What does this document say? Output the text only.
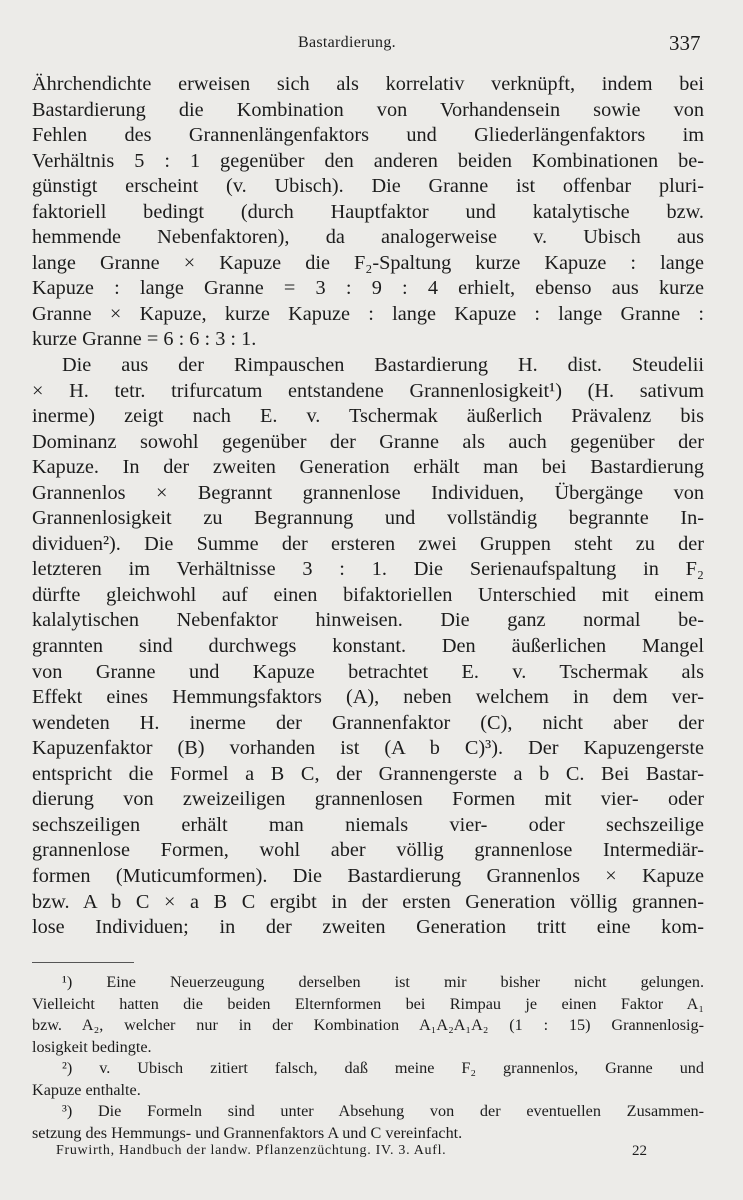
Bastardierung.	337
Ährchendichte erweisen sich als korrelativ verknüpft, indem bei
Bastardierung die Kombination von Vorhandensein sowie von
Fehlen des Grannenlängenfaktors und Gliederlängenfaktors im
Verhältnis 5 : 1 gegenüber den anderen beiden Kombinationen be-
günstigt erscheint (v. Ubisch). Die Granne ist offenbar pluri-
faktoriell bedingt (durch Hauptfaktor und katalytische bzw.
hemmende Nebenfaktoren), da analogerweise v. Ubisch aus
lange Granne × Kapuze die F₂-Spaltung kurze Kapuze : lange
Kapuze : lange Granne = 3 : 9 : 4 erhielt, ebenso aus kurze
Granne × Kapuze, kurze Kapuze : lange Kapuze : lange Granne :
kurze Granne = 6 : 6 : 3 : 1.
Die aus der Rimpauschen Bastardierung H. dist. Steudelii
× H. tetr. trifurcatum entstandene Grannenlosigkeit¹) (H. sativum
inerme) zeigt nach E. v. Tschermak äußerlich Prävalenz bis
Dominanz sowohl gegenüber der Granne als auch gegenüber der
Kapuze. In der zweiten Generation erhält man bei Bastardierung
Grannenlos × Begrannt grannenlose Individuen, Übergänge von
Grannenlosigkeit zu Begrannung und vollständig begrannte In-
dividuen²). Die Summe der ersteren zwei Gruppen steht zu der
letzteren im Verhältnisse 3 : 1. Die Serienaufspaltung in F₂
dürfte gleichwohl auf einen bifaktoriellen Unterschied mit einem
kalalytischen Nebenfaktor hinweisen. Die ganz normal be-
grannten sind durchwegs konstant. Den äußerlichen Mangel
von Granne und Kapuze betrachtet E. v. Tschermak als
Effekt eines Hemmungsfaktors (A), neben welchem in dem ver-
wendeten H. inerme der Grannenfaktor (C), nicht aber der
Kapuzenfaktor (B) vorhanden ist (A b C)³). Der Kapuzengerste
entspricht die Formel a B C, der Grannengerste a b C. Bei Bastar-
dierung von zweizeiligen grannenlosen Formen mit vier- oder
sechszeiligen erhält man niemals vier- oder sechszeilige
grannenlose Formen, wohl aber völlig grannenlose Intermediär-
formen (Muticumformen). Die Bastardierung Grannenlos × Kapuze
bzw. A b C × a B C ergibt in der ersten Generation völlig grannen-
lose Individuen; in der zweiten Generation tritt eine kom-
¹) Eine Neuerzeugung derselben ist mir bisher nicht gelungen.
Vielleicht hatten die beiden Elternformen bei Rimpau je einen Faktor A₁
bzw. A₂, welcher nur in der Kombination A₁A₂A₁A₂ (1 : 15) Grannenlosig-
losigkeit bedingte.
²) v. Ubisch zitiert falsch, daß meine F₂ grannenlos, Granne und
Kapuze enthalte.
³) Die Formeln sind unter Absehung von der eventuellen Zusammen-
setzung des Hemmungs- und Grannenfaktors A und C vereinfacht.
Fruwirth, Handbuch der landw. Pflanzenzüchtung. IV. 3. Aufl.	22
